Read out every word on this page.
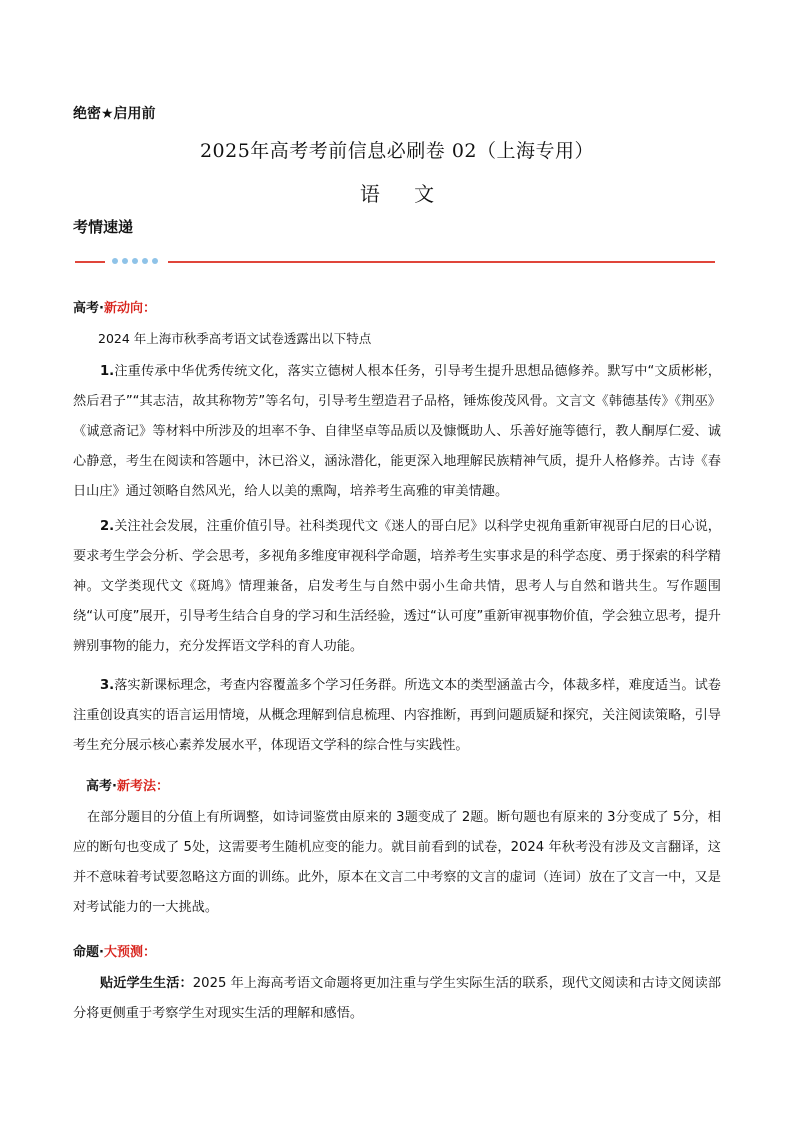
绝密★启用前
2025年高考考前信息必刷卷 02（上海专用）
语 文
考情速递
高考·新动向：
2024 年上海市秋季高考语文试卷透露出以下特点

1.注重传承中华优秀传统文化，落实立德树人根本任务，引导考生提升思想品德修养。默写中“文质彬彬，然后君子”“其志洁，故其称物芳”等名句，引导考生塑造君子品格，锤炼俊茂风骨。文言文《韩德基传》《荆巫》《诚意斋记》等材料中所涉及的坦率不争、自律坚卓等品质以及慷慨助人、乐善好施等德行，教人酮厚仁爱、诚心静意，考生在阅读和答题中，沐已浴义，涵泳潜化，能更深入地理解民族精神气质，提升人格修养。古诗《春日山庄》通过领略自然风光，给人以美的熏陶，培养考生高雅的审美情趣。

2.关注社会发展，注重价值引导。社科类现代文《迷人的哥白尼》以科学史视角重新审视哥白尼的日心说，要求考生学会分析、学会思考，多视角多维度审视科学命题，培养考生实事求是的科学态度、勇于探索的科学精神。文学类现代文《斑鸠》情理兼备，启发考生与自然中弱小生命共情，思考人与自然和谐共生。写作题围绕“认可度”展开，引导考生结合自身的学习和生活经验，透过“认可度”重新审视事物价值，学会独立思考，提升辨别事物的能力，充分发挥语文学科的育人功能。

3.落实新课标理念，考查内容覆盖多个学习任务群。所选文本的类型涵盖古今，体裁多样，难度适当。试卷注重创设真实的语言运用情境，从概念理解到信息梳理、内容推断，再到问题质疑和探究，关注阅读策略，引导考生充分展示核心素养发展水平，体现语文学科的综合性与实践性。

高考·新考法：

在部分题目的分值上有所调整，如诗词鉴赏由原来的 3题变成了 2题。断句题也有原来的 3分变成了 5分，相应的断句也变成了 5处，这需要考生随机应变的能力。就目前看到的试卷，2024 年秋考没有涉及文言翻译，这并不意味着考试要忽略这方面的训练。此外，原本在文言二中考察的文言的虚词（连词）放在了文言一中，又是对考试能力的一大挑战。

命题·大预测：

贴近学生生活：2025 年上海高考语文命题将更加注重与学生实际生活的联系，现代文阅读和古诗文阅读部分将更侧重于考察学生对现实生活的理解和感悟。
